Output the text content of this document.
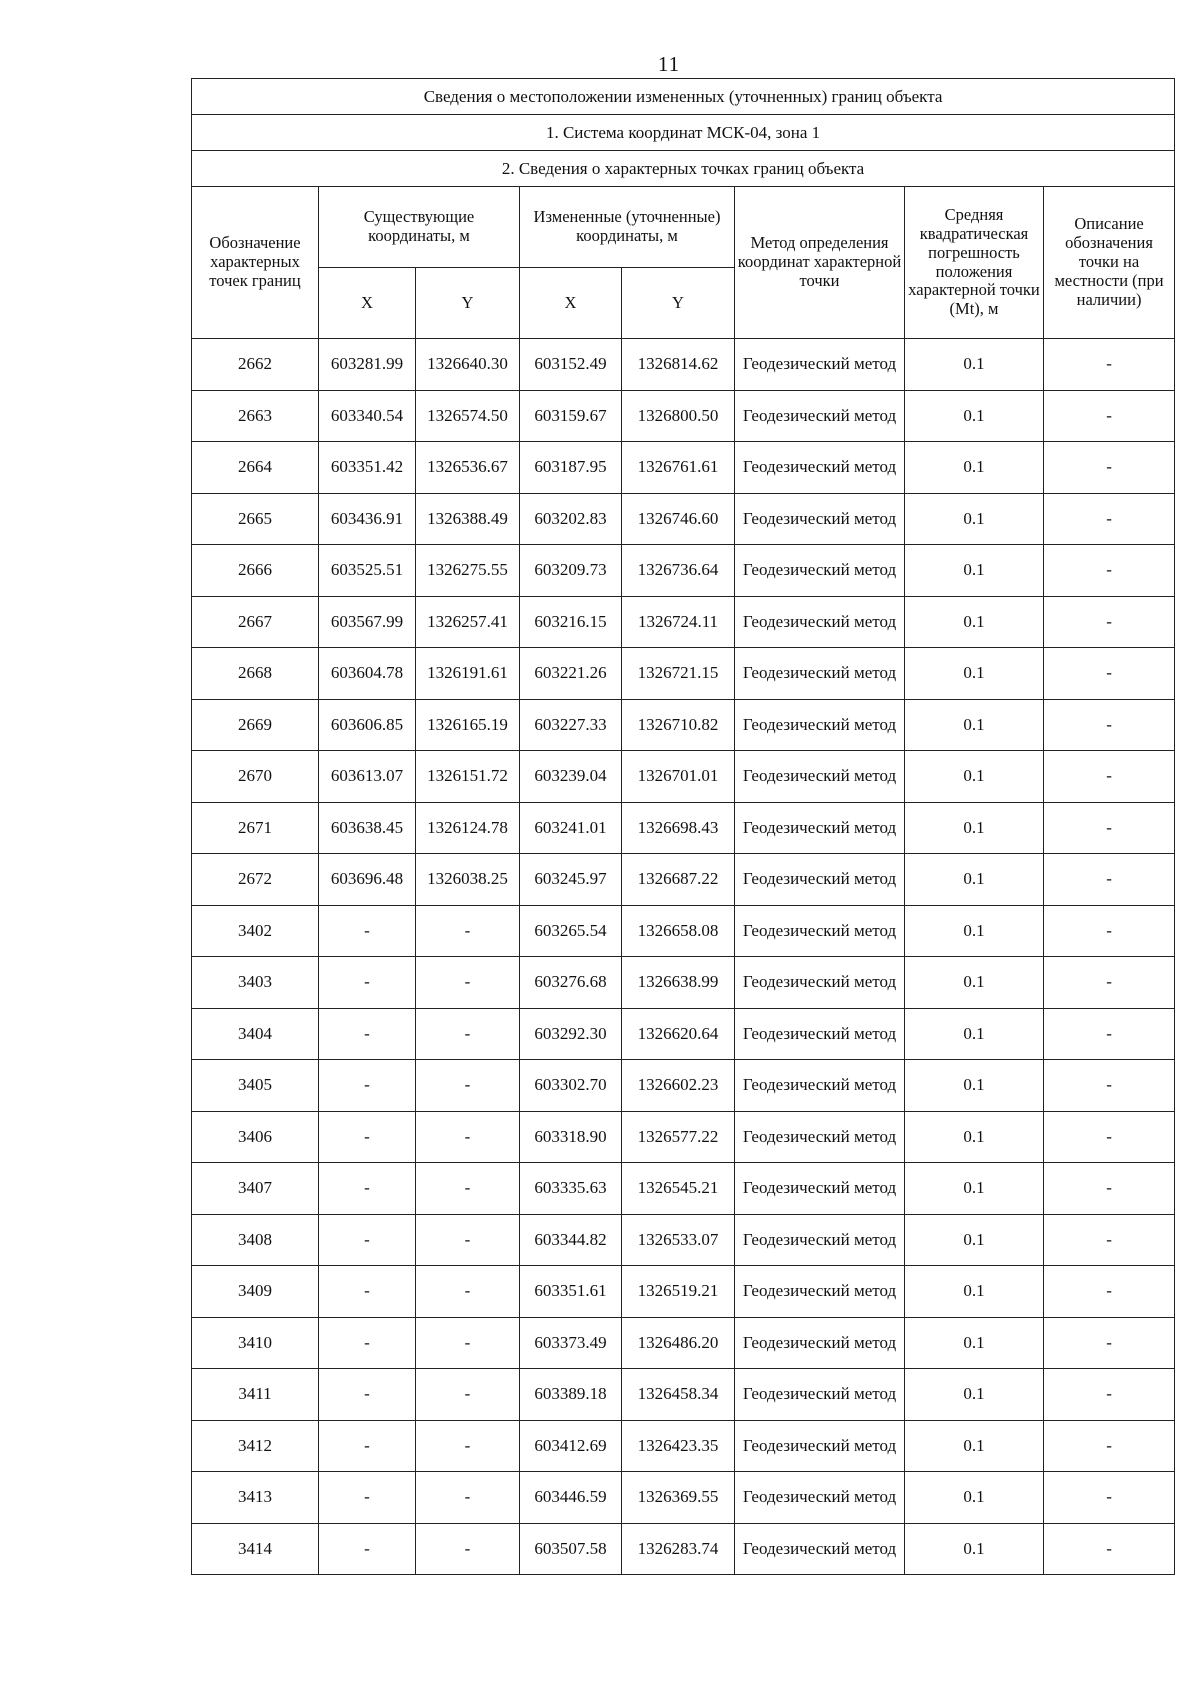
11
Сведения о местоположении измененных (уточненных) границ объекта							
1. Система координат МСК-04, зона 1							
2. Сведения о характерных точках границ объекта							
Обозначение характерных точек границ	Существующие координаты, м		Измененные (уточненные) координаты, м		Метод определения координат характерной точки	Средняя квадратическая погрешность положения характерной точки (Mt), м	Описание обозначения точки на местности (при наличии)
	X	Y	X	Y			
2662	603281.99	1326640.30	603152.49	1326814.62	Геодезический метод	0.1	-
2663	603340.54	1326574.50	603159.67	1326800.50	Геодезический метод	0.1	-
2664	603351.42	1326536.67	603187.95	1326761.61	Геодезический метод	0.1	-
2665	603436.91	1326388.49	603202.83	1326746.60	Геодезический метод	0.1	-
2666	603525.51	1326275.55	603209.73	1326736.64	Геодезический метод	0.1	-
2667	603567.99	1326257.41	603216.15	1326724.11	Геодезический метод	0.1	-
2668	603604.78	1326191.61	603221.26	1326721.15	Геодезический метод	0.1	-
2669	603606.85	1326165.19	603227.33	1326710.82	Геодезический метод	0.1	-
2670	603613.07	1326151.72	603239.04	1326701.01	Геодезический метод	0.1	-
2671	603638.45	1326124.78	603241.01	1326698.43	Геодезический метод	0.1	-
2672	603696.48	1326038.25	603245.97	1326687.22	Геодезический метод	0.1	-
3402	-	-	603265.54	1326658.08	Геодезический метод	0.1	-
3403	-	-	603276.68	1326638.99	Геодезический метод	0.1	-
3404	-	-	603292.30	1326620.64	Геодезический метод	0.1	-
3405	-	-	603302.70	1326602.23	Геодезический метод	0.1	-
3406	-	-	603318.90	1326577.22	Геодезический метод	0.1	-
3407	-	-	603335.63	1326545.21	Геодезический метод	0.1	-
3408	-	-	603344.82	1326533.07	Геодезический метод	0.1	-
3409	-	-	603351.61	1326519.21	Геодезический метод	0.1	-
3410	-	-	603373.49	1326486.20	Геодезический метод	0.1	-
3411	-	-	603389.18	1326458.34	Геодезический метод	0.1	-
3412	-	-	603412.69	1326423.35	Геодезический метод	0.1	-
3413	-	-	603446.59	1326369.55	Геодезический метод	0.1	-
3414	-	-	603507.58	1326283.74	Геодезический метод	0.1	-
